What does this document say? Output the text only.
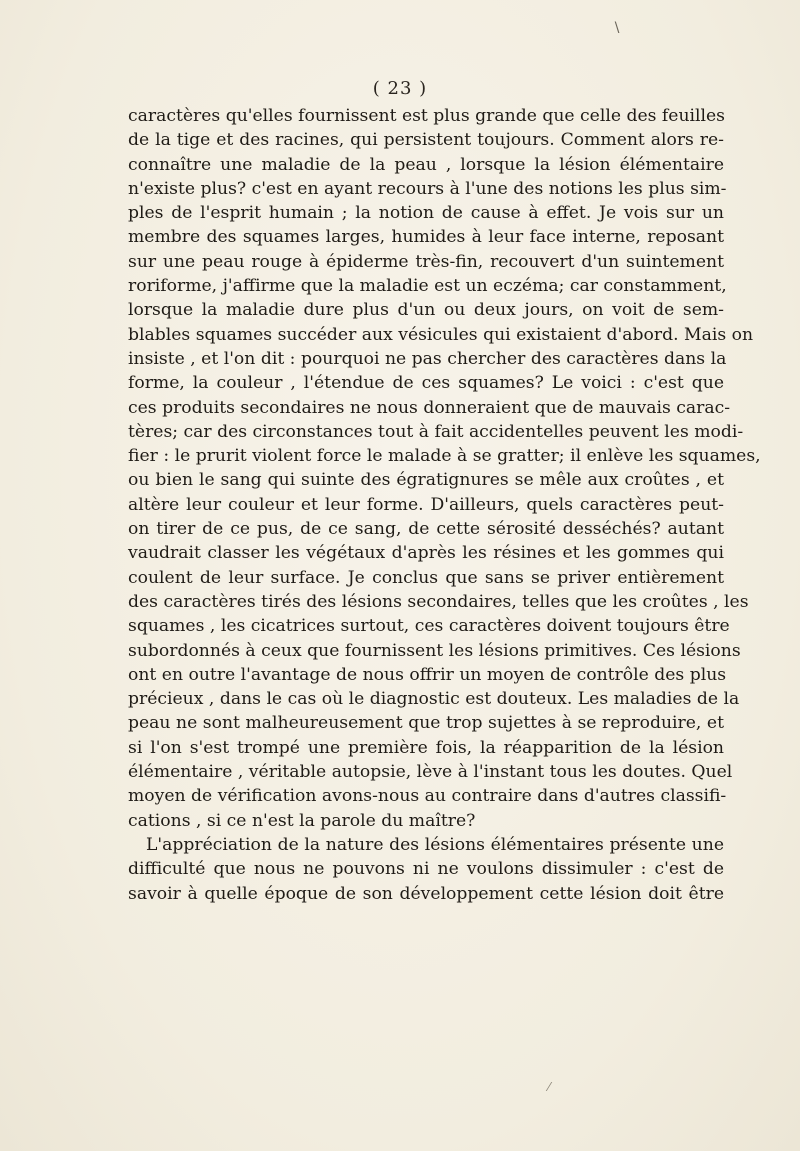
∖
( 23 )
caractères qu'elles fournissent est plus grande que celle des feuilles
de la tige et des racines, qui persistent toujours. Comment alors re-
connaître une maladie de la peau , lorsque la lésion élémentaire
n'existe plus? c'est en ayant recours à l'une des notions les plus sim-
ples de l'esprit humain ; la notion de cause à effet. Je vois sur un
membre des squames larges, humides à leur face interne, reposant
sur une peau rouge à épiderme très-fin, recouvert d'un suintement
roriforme, j'affirme que la maladie est un eczéma; car constamment,
lorsque la maladie dure plus d'un ou deux jours, on voit de sem-
blables squames succéder aux vésicules qui existaient d'abord. Mais on
insiste , et l'on dit : pourquoi ne pas chercher des caractères dans la
forme, la couleur , l'étendue de ces squames? Le voici : c'est que
ces produits secondaires ne nous donneraient que de mauvais carac-
tères; car des circonstances tout à fait accidentelles peuvent les modi-
fier : le prurit violent force le malade à se gratter; il enlève les squames,
ou bien le sang qui suinte des égratignures se mêle aux croûtes , et
altère leur couleur et leur forme. D'ailleurs, quels caractères peut-
on tirer de ce pus, de ce sang, de cette sérosité desséchés? autant
vaudrait classer les végétaux d'après les résines et les gommes qui
coulent de leur surface. Je conclus que sans se priver entièrement
des caractères tirés des lésions secondaires, telles que les croûtes , les
squames , les cicatrices surtout, ces caractères doivent toujours être
subordonnés à ceux que fournissent les lésions primitives. Ces lésions
ont en outre l'avantage de nous offrir un moyen de contrôle des plus
précieux , dans le cas où le diagnostic est douteux. Les maladies de la
peau ne sont malheureusement que trop sujettes à se reproduire, et
si l'on s'est trompé une première fois, la réapparition de la lésion
élémentaire , véritable autopsie, lève à l'instant tous les doutes. Quel
moyen de vérification avons-nous au contraire dans d'autres classifi-
cations , si ce n'est la parole du maître?
L'appréciation de la nature des lésions élémentaires présente une
difficulté que nous ne pouvons ni ne voulons dissimuler : c'est de
savoir à quelle époque de son développement cette lésion doit être
⁄
